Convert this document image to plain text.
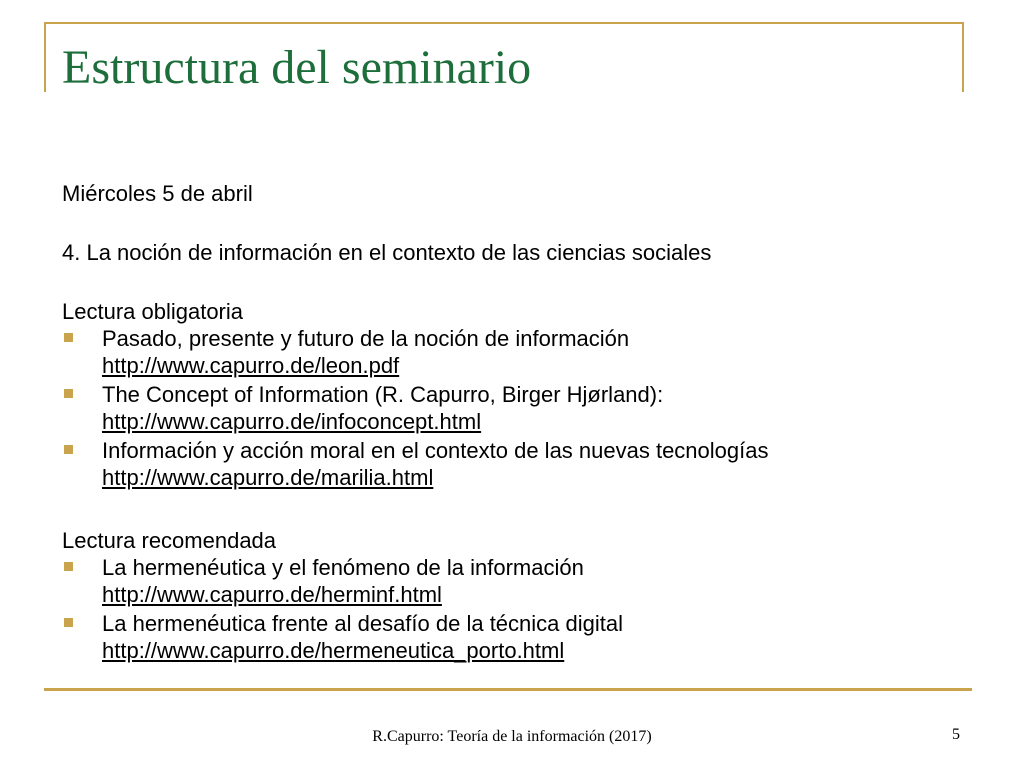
Estructura del seminario

Miércoles 5 de abril

4. La noción de información en el contexto de las ciencias sociales

Lectura obligatoria

Pasado, presente y futuro de la noción de información
http://www.capurro.de/leon.pdf
The Concept of Information (R. Capurro, Birger Hjørland):
http://www.capurro.de/infoconcept.html
Información y acción moral en el contexto de las nuevas tecnologías
http://www.capurro.de/marilia.html

Lectura recomendada

La hermenéutica y el fenómeno de la información
http://www.capurro.de/herminf.html
La hermenéutica frente al desafío de la técnica digital
http://www.capurro.de/hermeneutica_porto.html
R.Capurro: Teoría de la información (2017)	5
